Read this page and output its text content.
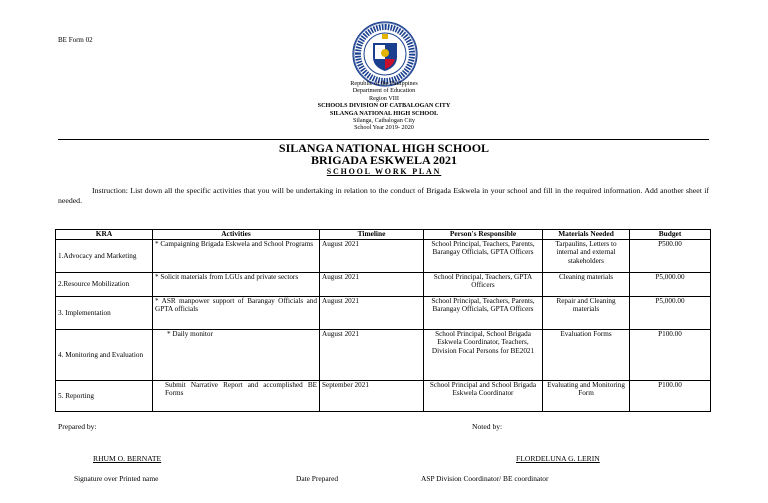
BE Form 02
Republic of the Philippines
Department of Education
Region VIII
SCHOOLS DIVISION OF CATBALOGAN CITY
SILANGA NATIONAL HIGH SCHOOL
Silanga, Catbalogan City
School Year 2019- 2020
SILANGA NATIONAL HIGH SCHOOL
BRIGADA ESKWELA 2021
SCHOOL WORK PLAN
Instruction: List down all the specific activities that you will be undertaking in relation to the conduct of Brigada Eskwela in your school and fill in the required information. Add another sheet if needed.
KRA	Activities	Timeline	Person's Responsible	Materials Needed	Budget
1.Advocacy and Marketing	* Campaigning Brigada Eskwela and School Programs	August 2021	School Principal, Teachers, Parents, Barangay Officials, GPTA Officers	Tarpaulins, Letters to internal and external stakeholders	P500.00
2.Resource Mobilization	* Solicit materials from LGUs and private sectors	August 2021	School Principal, Teachers, GPTA Officers	Cleaning materials	P5,000.00
3. Implementation	* ASR manpower support of Barangay Officials and GPTA officials	August 2021	School Principal, Teachers, Parents, Barangay Officials, GPTA Officers	Repair and Cleaning materials	P5,000.00
4. Monitoring and Evaluation	* Daily monitor	August 2021	School Principal, School Brigada Eskwela Coordinator, Teachers, Division Focal Persons for BE2021	Evaluation Forms	P100.00
5. Reporting	Submit Narrative Report and accomplished BE Forms	September 2021	School Principal and School Brigada Eskwela Coordinator	Evaluating and Monitoring Form	P100.00
Prepared by:	Noted by:
RHUM O. BERNATE	FLORDELUNA G. LERIN
Signature over Printed name	Date Prepared	ASP Division Coordinator/ BE coordinator
